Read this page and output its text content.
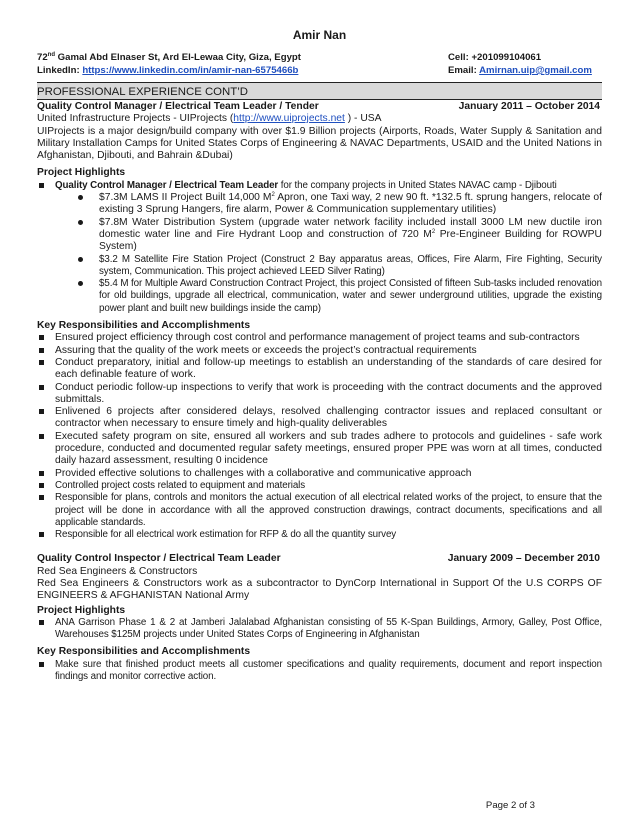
Amir Nan
72nd Gamal Abd Elnaser St, Ard El-Lewaa City, Giza, Egypt	Cell: +201099104061
LinkedIn: https://www.linkedin.com/in/amir-nan-6575466b	Email: Amirnan.uip@gmail.com
PROFESSIONAL EXPERIENCE CONT’D
Quality Control Manager / Electrical Team Leader / Tender	January 2011 – October 2014
United Infrastructure Projects - UIProjects (http://www.uiprojects.net ) - USA
UIProjects is a major design/build company with over $1.9 Billion projects (Airports, Roads, Water Supply & Sanitation and Military Installation Camps for United States Corps of Engineering & NAVAC Departments, USAID and the United Nations in Afghanistan, Djibouti, and Bahrain &Dubai)
Project Highlights
Quality Control Manager / Electrical Team Leader for the company projects in United States NAVAC camp - Djibouti
$7.3M LAMS II Project Built 14,000 $M^2$ Apron, one Taxi way, 2 new 90 ft. *132.5 ft. sprung hangers, relocate of existing 3 Sprung Hangers, fire alarm, Power & Communication supplementary utilities)
$7.8M Water Distribution System (upgrade water network facility included install 3000 LM new ductile iron domestic water line and Fire Hydrant Loop and construction of 720 $M^2$ Pre-Engineer Building for ROWPU System)
$3.2 M Satellite Fire Station Project (Construct 2 Bay apparatus areas, Offices, Fire Alarm, Fire Fighting, Security system, Communication. This project achieved LEED Silver Rating)
$5.4 M for Multiple Award Construction Contract Project, this project Consisted of fifteen Sub-tasks included renovation for old buildings, upgrade all electrical, communication, water and sewer underground utilities, upgrade the existing power plant and built new buildings inside the camp)
Key Responsibilities and Accomplishments
Ensured project efficiency through cost control and performance management of project teams and sub-contractors
Assuring that the quality of the work meets or exceeds the project’s contractual requirements
Conduct preparatory, initial and follow-up meetings to establish an understanding of the standards of care desired for each definable feature of work.
Conduct periodic follow-up inspections to verify that work is proceeding with the contract documents and the approved submittals.
Enlivened 6 projects after considered delays, resolved challenging contractor issues and replaced consultant or contractor when necessary to ensure timely and high-quality deliverables
Executed safety program on site, ensured all workers and sub trades adhere to protocols and guidelines - safe work procedure, conducted and documented regular safety meetings, ensured proper PPE was worn at all times, conducted daily hazard assessment, resulting 0 incidence
Provided effective solutions to challenges with a collaborative and communicative approach
Controlled project costs related to equipment and materials
Responsible for plans, controls and monitors the actual execution of all electrical related works of the project, to ensure that the project will be done in accordance with all the approved construction drawings, contract documents, specifications and all applicable standards.
Responsible for all electrical work estimation for RFP & do all the quantity survey
Quality Control Inspector / Electrical Team Leader	January 2009 – December 2010
Red Sea Engineers & Constructors
Red Sea Engineers & Constructors work as a subcontractor to DynCorp International in Support Of the U.S CORPS OF ENGINEERS & AFGHANISTAN National Army
Project Highlights
ANA Garrison Phase 1 & 2 at Jamberi Jalalabad Afghanistan consisting of 55 K-Span Buildings, Armory, Galley, Post Office, Warehouses $125M projects under United States Corps of Engineering in Afghanistan
Key Responsibilities and Accomplishments
Make sure that finished product meets all customer specifications and quality requirements, document and report inspection findings and monitor corrective action.
Page 2 of 3
